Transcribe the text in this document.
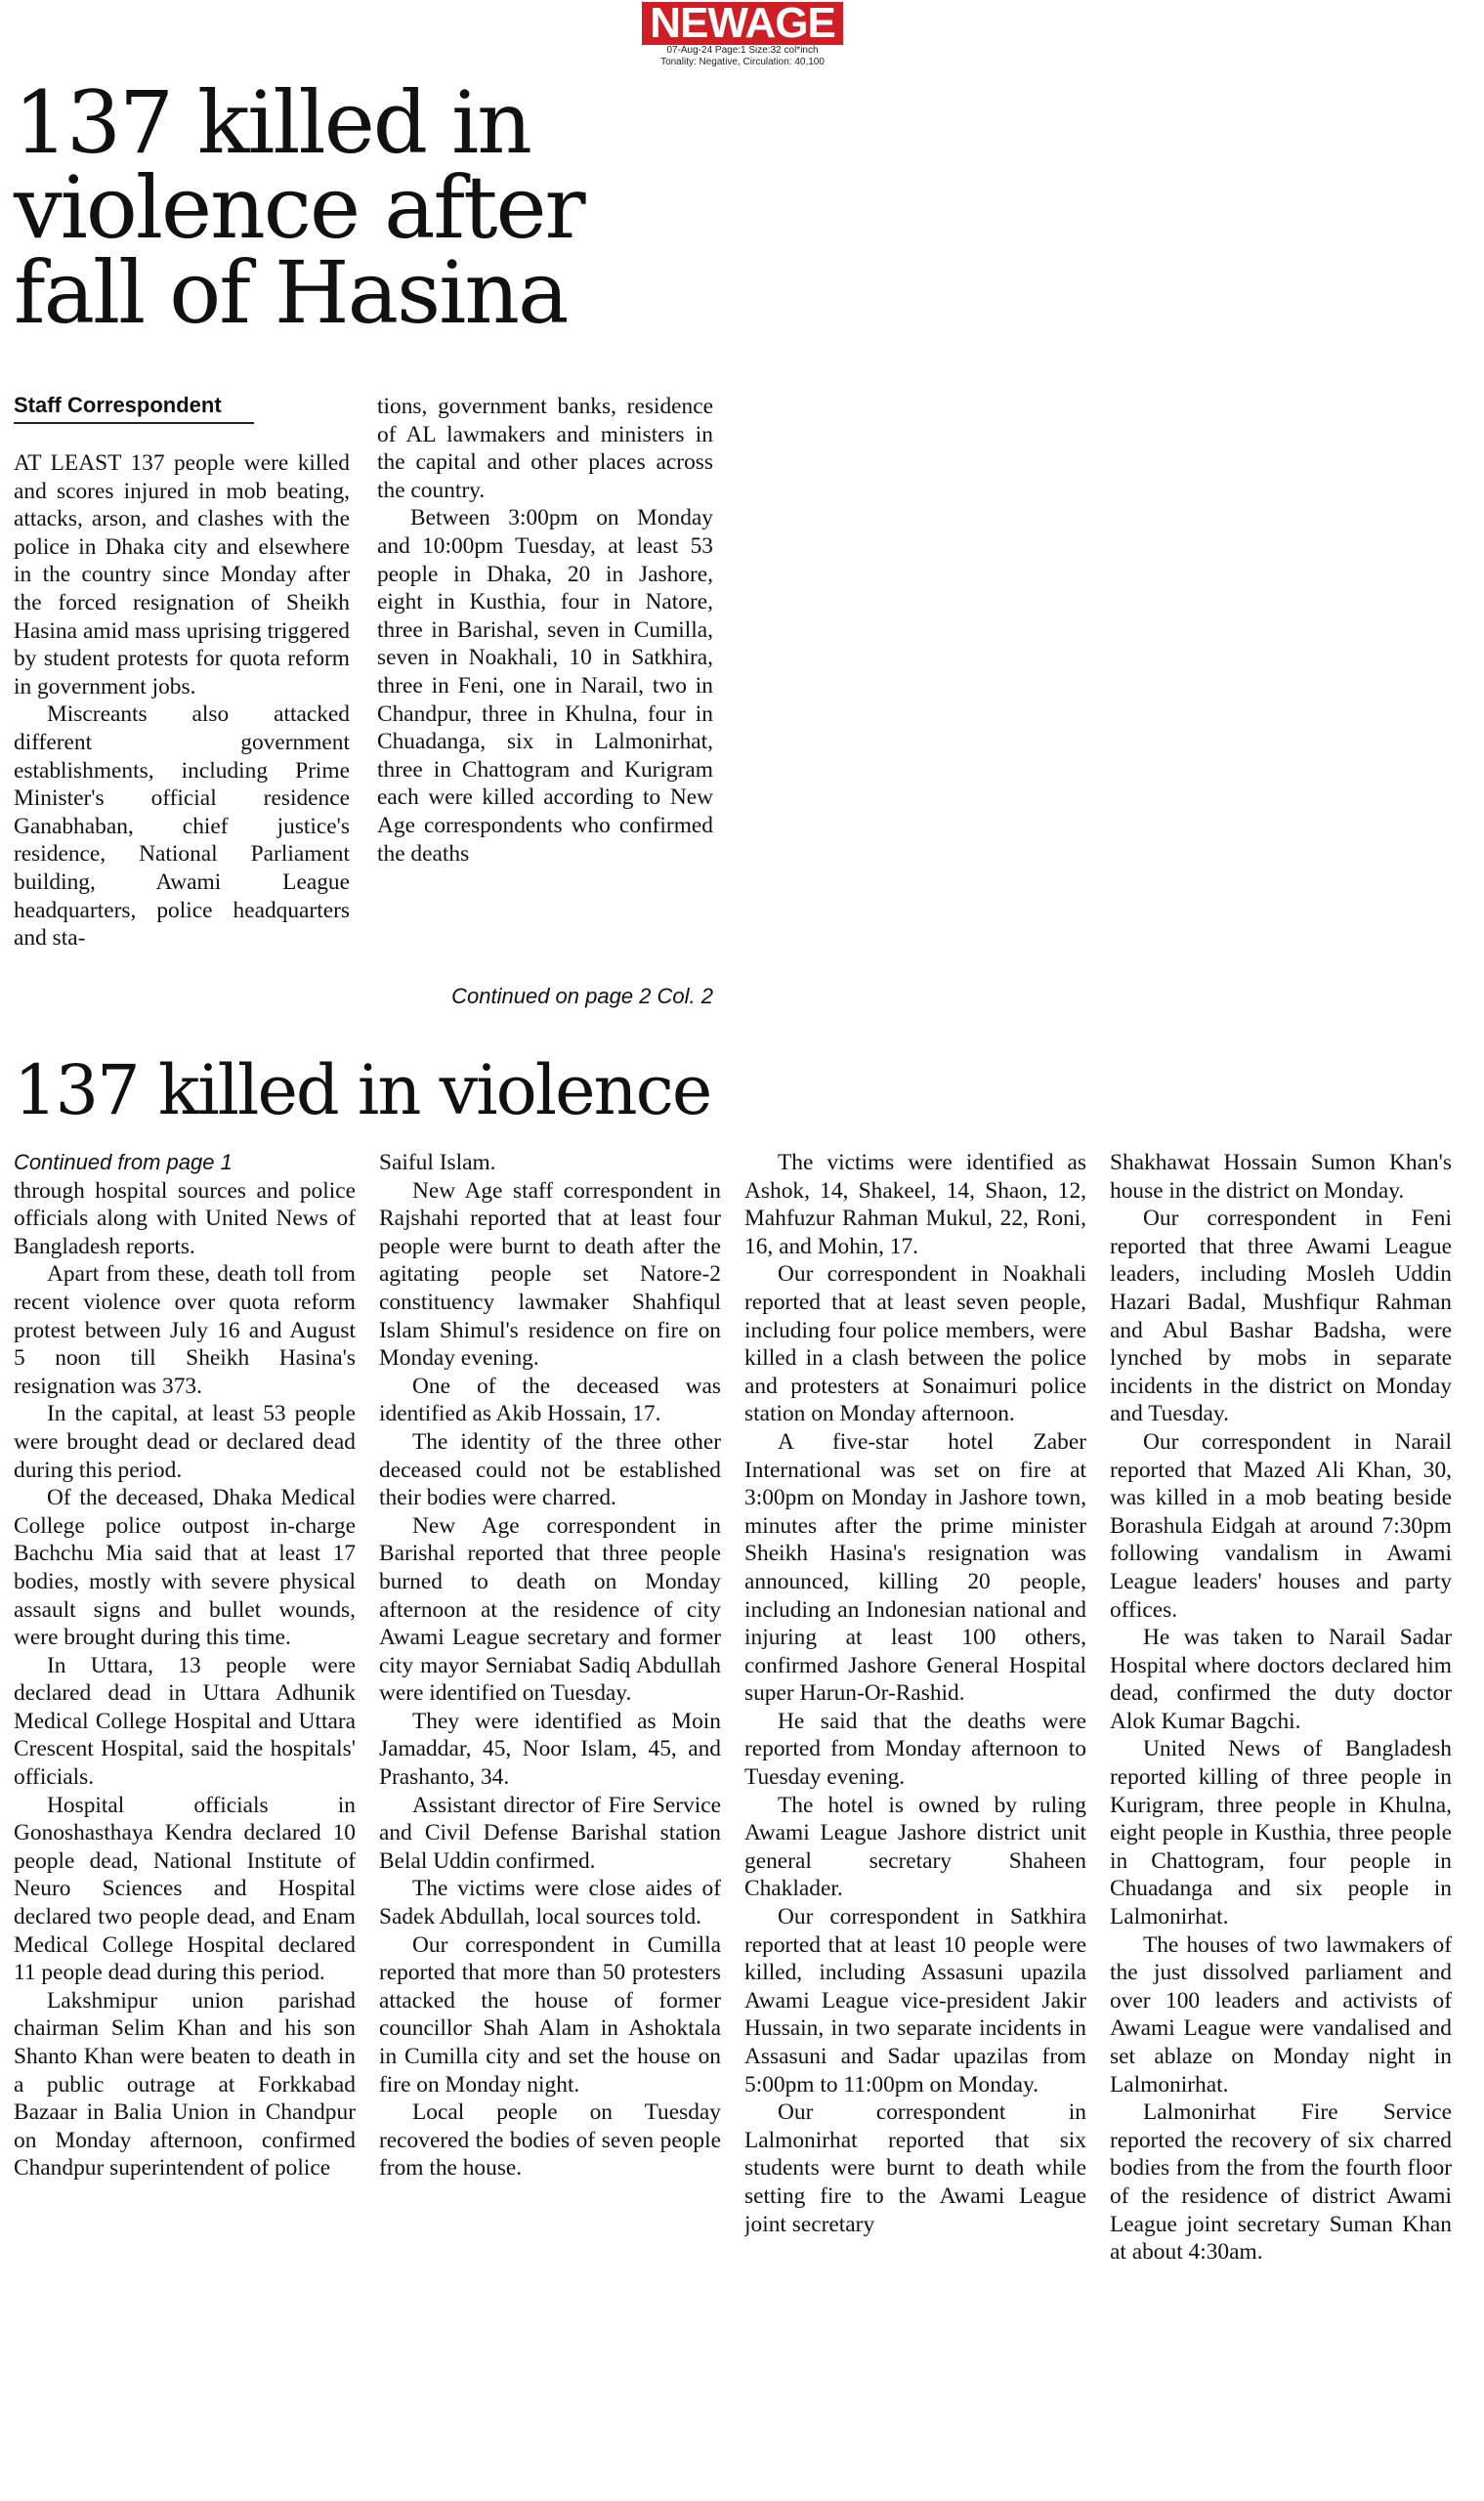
NEWAGE
07-Aug-24 Page:1 Size:32 col*inch
Tonality: Negative, Circulation: 40,100
137 killed in violence after fall of Hasina
Staff Correspondent

AT LEAST 137 people were killed and scores injured in mob beating, attacks, arson, and clashes with the police in Dhaka city and elsewhere in the country since Monday after the forced resignation of Sheikh Hasina amid mass uprising triggered by student protests for quota reform in government jobs.

Miscreants also attacked different government establishments, including Prime Minister's official residence Ganabhaban, chief justice's residence, National Parliament building, Awami League headquarters, police headquarters and sta-

tions, government banks, residence of AL lawmakers and ministers in the capital and other places across the country.

Between 3:00pm on Monday and 10:00pm Tuesday, at least 53 people in Dhaka, 20 in Jashore, eight in Kusthia, four in Natore, three in Barishal, seven in Cumilla, seven in Noakhali, 10 in Satkhira, three in Feni, one in Narail, two in Chandpur, three in Khulna, four in Chuadanga, six in Lalmonirhat, three in Chattogram and Kurigram each were killed according to New Age correspondents who confirmed the deaths

Continued on page 2 Col. 2
137 killed in violence
Continued from page 1

through hospital sources and police officials along with United News of Bangladesh reports.

Apart from these, death toll from recent violence over quota reform protest between July 16 and August 5 noon till Sheikh Hasina's resignation was 373.

In the capital, at least 53 people were brought dead or declared dead during this period.

Of the deceased, Dhaka Medical College police outpost in-charge Bachchu Mia said that at least 17 bodies, mostly with severe physical assault signs and bullet wounds, were brought during this time.

In Uttara, 13 people were declared dead in Uttara Adhunik Medical College Hospital and Uttara Crescent Hospital, said the hospitals' officials.

Hospital officials in Gonoshasthaya Kendra declared 10 people dead, National Institute of Neuro Sciences and Hospital declared two people dead, and Enam Medical College Hospital declared 11 people dead during this period.

Lakshmipur union parishad chairman Selim Khan and his son Shanto Khan were beaten to death in a public outrage at Forkkabad Bazaar in Balia Union in Chandpur on Monday afternoon, confirmed Chandpur superintendent of police

Saiful Islam.

New Age staff correspondent in Rajshahi reported that at least four people were burnt to death after the agitating people set Natore-2 constituency lawmaker Shahfiqul Islam Shimul's residence on fire on Monday evening.

One of the deceased was identified as Akib Hossain, 17.

The identity of the three other deceased could not be established their bodies were charred.

New Age correspondent in Barishal reported that three people burned to death on Monday afternoon at the residence of city Awami League secretary and former city mayor Serniabat Sadiq Abdullah were identified on Tuesday.

They were identified as Moin Jamaddar, 45, Noor Islam, 45, and Prashanto, 34.

Assistant director of Fire Service and Civil Defense Barishal station Belal Uddin confirmed.

The victims were close aides of Sadek Abdullah, local sources told.

Our correspondent in Cumilla reported that more than 50 protesters attacked the house of former councillor Shah Alam in Ashoktala in Cumilla city and set the house on fire on Monday night.

Local people on Tuesday recovered the bodies of seven people from the house.

The victims were identified as Ashok, 14, Shakeel, 14, Shaon, 12, Mahfuzur Rahman Mukul, 22, Roni, 16, and Mohin, 17.

Our correspondent in Noakhali reported that at least seven people, including four police members, were killed in a clash between the police and protesters at Sonaimuri police station on Monday afternoon.

A five-star hotel Zaber International was set on fire at 3:00pm on Monday in Jashore town, minutes after the prime minister Sheikh Hasina's resignation was announced, killing 20 people, including an Indonesian national and injuring at least 100 others, confirmed Jashore General Hospital super Harun-Or-Rashid.

He said that the deaths were reported from Monday afternoon to Tuesday evening.

The hotel is owned by ruling Awami League Jashore district unit general secretary Shaheen Chaklader.

Our correspondent in Satkhira reported that at least 10 people were killed, including Assasuni upazila Awami League vice-president Jakir Hussain, in two separate incidents in Assasuni and Sadar upazilas from 5:00pm to 11:00pm on Monday.

Our correspondent in Lalmonirhat reported that six students were burnt to death while setting fire to the Awami League joint secretary

Shakhawat Hossain Sumon Khan's house in the district on Monday.

Our correspondent in Feni reported that three Awami League leaders, including Mosleh Uddin Hazari Badal, Mushfiqur Rahman and Abul Bashar Badsha, were lynched by mobs in separate incidents in the district on Monday and Tuesday.

Our correspondent in Narail reported that Mazed Ali Khan, 30, was killed in a mob beating beside Borashula Eidgah at around 7:30pm following vandalism in Awami League leaders' houses and party offices.

He was taken to Narail Sadar Hospital where doctors declared him dead, confirmed the duty doctor Alok Kumar Bagchi.

United News of Bangladesh reported killing of three people in Kurigram, three people in Khulna, eight people in Kusthia, three people in Chattogram, four people in Chuadanga and six people in Lalmonirhat.

The houses of two lawmakers of the just dissolved parliament and over 100 leaders and activists of Awami League were vandalised and set ablaze on Monday night in Lalmonirhat.

Lalmonirhat Fire Service reported the recovery of six charred bodies from the from the fourth floor of the residence of district Awami League joint secretary Suman Khan at about 4:30am.
